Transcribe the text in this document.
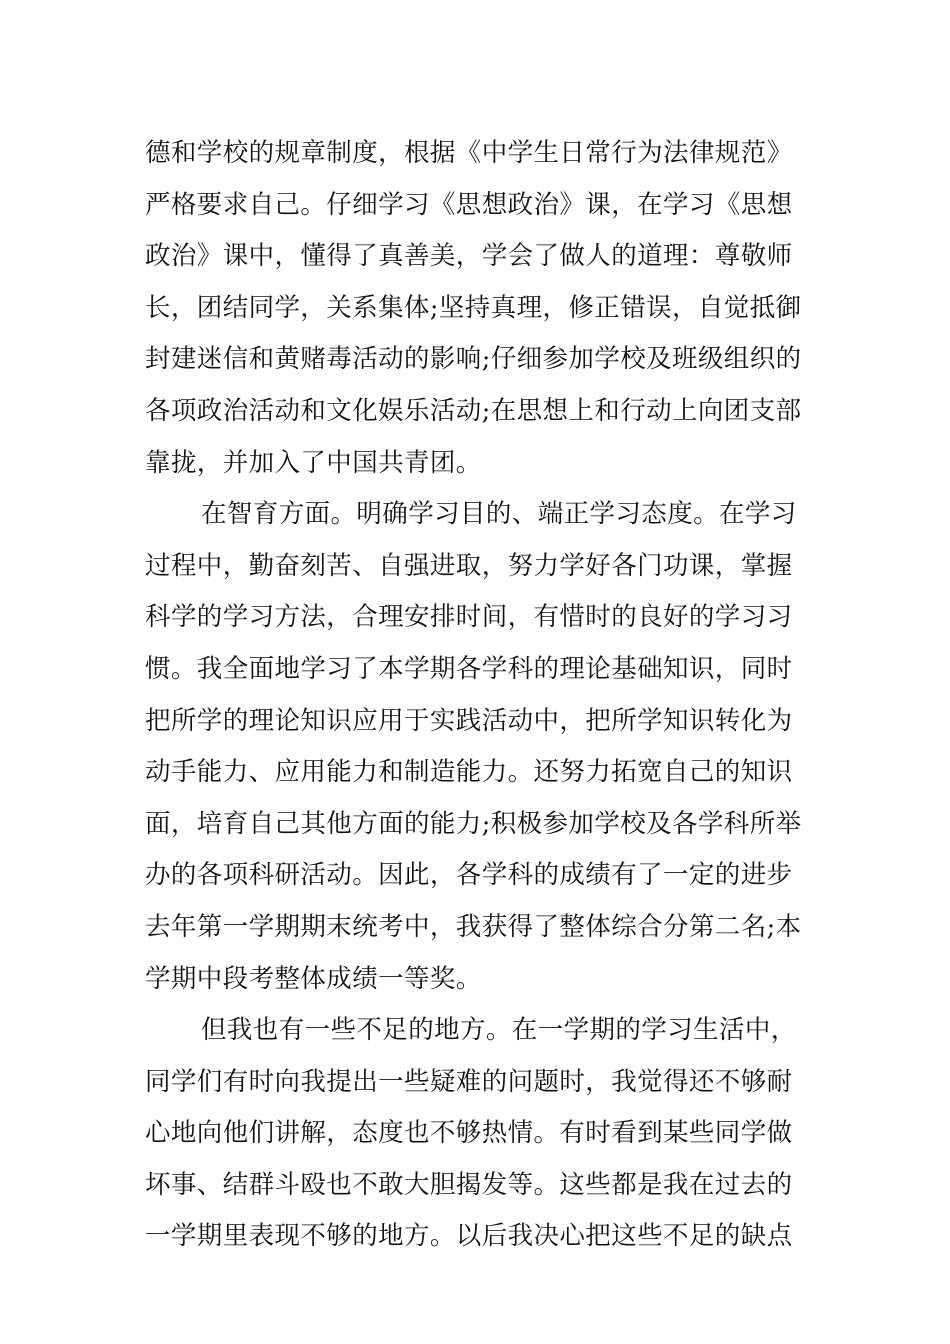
德和学校的规章制度，根据《中学生日常行为法律规范》
严格要求自己。仔细学习《思想政治》课，在学习《思想
政治》课中，懂得了真善美，学会了做人的道理：尊敬师
长，团结同学，关系集体;坚持真理，修正错误，自觉抵御
封建迷信和黄赌毒活动的影响;仔细参加学校及班级组织的
各项政治活动和文化娱乐活动;在思想上和行动上向团支部
靠拢，并加入了中国共青团。
在智育方面。明确学习目的、端正学习态度。在学习
过程中，勤奋刻苦、自强进取，努力学好各门功课，掌握
科学的学习方法，合理安排时间，有惜时的良好的学习习
惯。我全面地学习了本学期各学科的理论基础知识，同时
把所学的理论知识应用于实践活动中，把所学知识转化为
动手能力、应用能力和制造能力。还努力拓宽自己的知识
面，培育自己其他方面的能力;积极参加学校及各学科所举
办的各项科研活动。因此，各学科的成绩有了一定的进步
去年第一学期期末统考中，我获得了整体综合分第二名;本
学期中段考整体成绩一等奖。
但我也有一些不足的地方。在一学期的学习生活中，
同学们有时向我提出一些疑难的问题时，我觉得还不够耐
心地向他们讲解，态度也不够热情。有时看到某些同学做
坏事、结群斗殴也不敢大胆揭发等。这些都是我在过去的
一学期里表现不够的地方。以后我决心把这些不足的缺点
